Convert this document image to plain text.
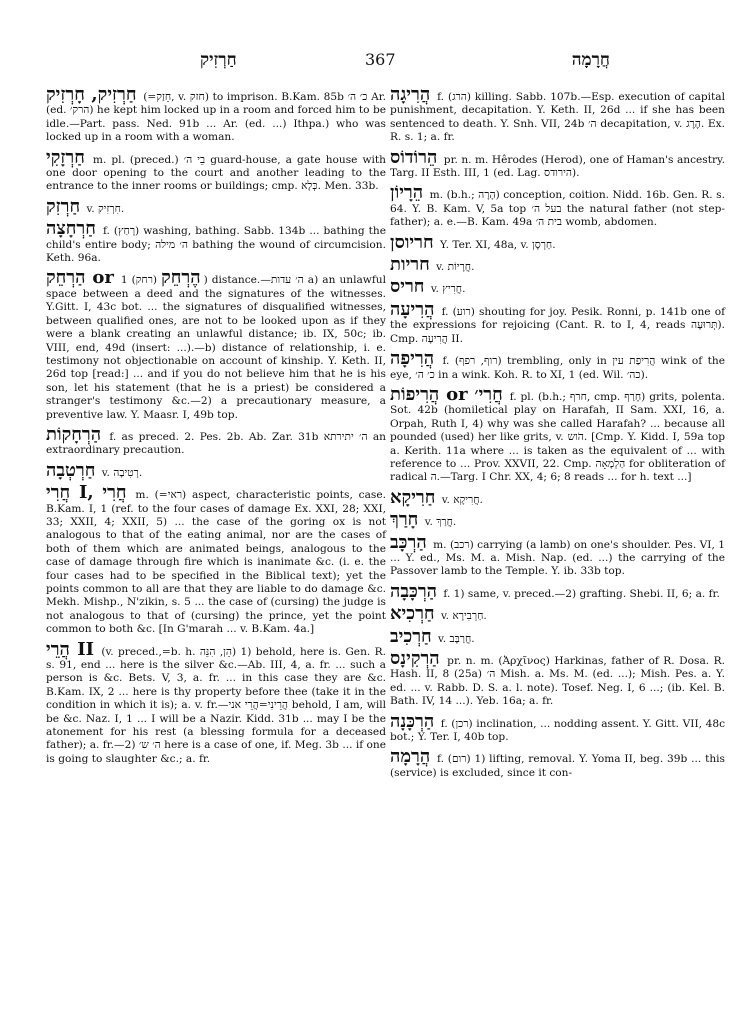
חַרְזִיק	367	חֲרָמָה
חַרְזִיק, חָרְזִיק (=חֵזַק, v. חזק) to imprison. B.Kam. 85b כ׳ ה׳ Ar. (ed. הרק׳) he kept him locked up in a room and forced him to be idle.—Part. pass. Ned. 91b ... Ar. (ed. ...) Ithpa.) who was locked up in a room with a woman.
חַרְזָקִי m. pl. (preced.) בֵי ה׳ guard-house, a gate house with one door opening to the court and another leading to the entrance to the inner rooms or buildings; cmp. כְּלָא. Men. 33b.
חַרְזִק v. חִרְזִיק.
חַרְחָצָה f. (רָחַץ) washing, bathing. Sabb. 134b ... bathing the child's entire body; ה׳ מילה bathing the wound of circumcision. Keth. 96a.
הַרְחֵק or הֶרְחֵק (רחק) 1) distance.—ה׳ עדות a) an unlawful space between a deed and the signatures of the witnesses. Y.Gitt. I, 43c bot. ... the signatures of disqualified witnesses, between qualified ones, are not to be looked upon as if they were a blank creating an unlawful distance; ib. IX, 50c; ib. VIII, end, 49d (insert: ...).—b) distance of relationship, i. e. testimony not objectionable on account of kinship. Y. Keth. II, 26d top [read:] ... and if you do not believe him that he is his son, let his statement (that he is a priest) be considered a stranger's testimony &c.—2) a precautionary measure, a preventive law. Y. Maasr. I, 49b top.
הַרְחָקוֹת f. as preced. 2. Pes. 2b. Ab. Zar. 31b ה׳ יתירתא an extraordinary precaution.
חַרְטְבָה v. רְטִיבָה.
חֲרִי I, חֲרִי m. (=ראי) aspect, characteristic points, case. B.Kam. I, 1 (ref. to the four cases of damage Ex. XXI, 28; XXI, 33; XXII, 4; XXII, 5) ... the case of the goring ox is not analogous to that of the eating animal, nor are the cases of both of them which are animated beings, analogous to the case of damage through fire which is inanimate &c. (i. e. the four cases had to be specified in the Biblical text); yet the points common to all are that they are liable to do damage &c. Mekh. Mishp., N'zikin, s. 5 ... the case of (cursing) the judge is not analogous to that of (cursing) the prince, yet the point common to both &c. [In G'marah ... v. B.Kam. 4a.]
הֲרֵי II (v. preced.,=b. h. הֵן, הִנֵּה) 1) behold, here is. Gen. R. s. 91, end ... here is the silver &c.—Ab. III, 4, a. fr. ... such a person is &c. Bets. V, 3, a. fr. ... in this case they are &c. B.Kam. IX, 2 ... here is thy property before thee (take it in the condition in which it is); a. v. fr.—הֲרֵינִי=הֲרֵי אני behold, I am, will be &c. Naz. I, 1 ... I will be a Nazir. Kidd. 31b ... may I be the atonement for his rest (a blessing formula for a deceased father); a. fr.—2) ה׳ ש׳ here is a case of one, if. Meg. 3b ... if one is going to slaughter &c.; a. fr.
הֲרִיגָה f. (הרג) killing. Sabb. 107b.—Esp. execution of capital punishment, decapitation. Y. Keth. II, 26d ... if she has been sentenced to death. Y. Snh. VII, 24b ה׳ decapitation, v. הֶרֶג. Ex. R. s. 1; a. fr.
הֵרוֹדוֹס pr. n. m. Hêrodes (Herod), one of Haman's ancestry. Targ. II Esth. III, 1 (ed. Lag. הירודס).
הֵרָיוֹן m. (b.h.; הָרָה) conception, coition. Nidd. 16b. Gen. R. s. 64. Y. B. Kam. V, 5a top בעל ה׳ the natural father (not step-father); a. e.—B. Kam. 49a בית ה׳ womb, abdomen.
חריוסן Y. Ter. XI, 48a, v. חַרְסָן.
חריות v. חֲרָיוֹת.
חריס v. חֲרִיץ.
הֲרִיעָה f. (רוע) shouting for joy. Pesik. Ronni, p. 141b one of the expressions for rejoicing (Cant. R. to I, 4, reads תְּרוּעָה). Cmp. הֲרִיעָה II.
הֲרִיפָה f. (רוף, רפף) trembling, only in הֲרִיפַת עין wink of the eye, כ׳ ה׳ in a wink. Koh. R. to XI, 1 (ed. Wil. כה׳).
הֲרִיפוֹת or חֲרִי׳ f. pl. (b.h.; חרף, cmp. חָרַף) grits, polenta. Sot. 42b (homiletical play on Harafah, II Sam. XXI, 16, a. Orpah, Ruth I, 4) why was she called Harafah? ... because all pounded (used) her like grits, v. הֹוש. [Cmp. Y. Kidd. I, 59a top a. Kerith. 11a where ... is taken as the equivalent of ... with reference to ... Prov. XXVII, 22. Cmp. הַלְמָאָה for obliteration of radical ה.—Targ. I Chr. XX, 4; 6; 8 reads ... for h. text ...]
חַרִיקָא v. חֲרִיקָא.
חָרַךְ v. חֲרַךְ.
הַרְכָּב m. (רכב) carrying (a lamb) on one's shoulder. Pes. VI, 1 ... Y. ed., Ms. M. a. Mish. Nap. (ed. ...) the carrying of the Passover lamb to the Temple. Y. ib. 33b top.
הַרְכָּבָה f. 1) same, v. preced.—2) grafting. Shebi. II, 6; a. fr.
חַרְכִיא v. חַרְבִירָא.
חַרְכִיב v. חֲרַבָּב.
הַרְקִינָס pr. n. m. (Ἀρχῖνος) Harkinas, father of R. Dosa. R. Hash. II, 8 (25a) ה׳ Mish. a. Ms. M. (ed. ...); Mish. Pes. a. Y. ed. ... v. Rabb. D. S. a. l. note). Tosef. Neg. I, 6 ...; (ib. Kel. B. Bath. IV, 14 ...). Yeb. 16a; a. fr.
הַרְכָּנָה f. (רכן) inclination, ... nodding assent. Y. Gitt. VII, 48c bot.; Y. Ter. I, 40b top.
הֲרָמָה f. (רום) 1) lifting, removal. Y. Yoma II, beg. 39b ... this (service) is excluded, since it con-
